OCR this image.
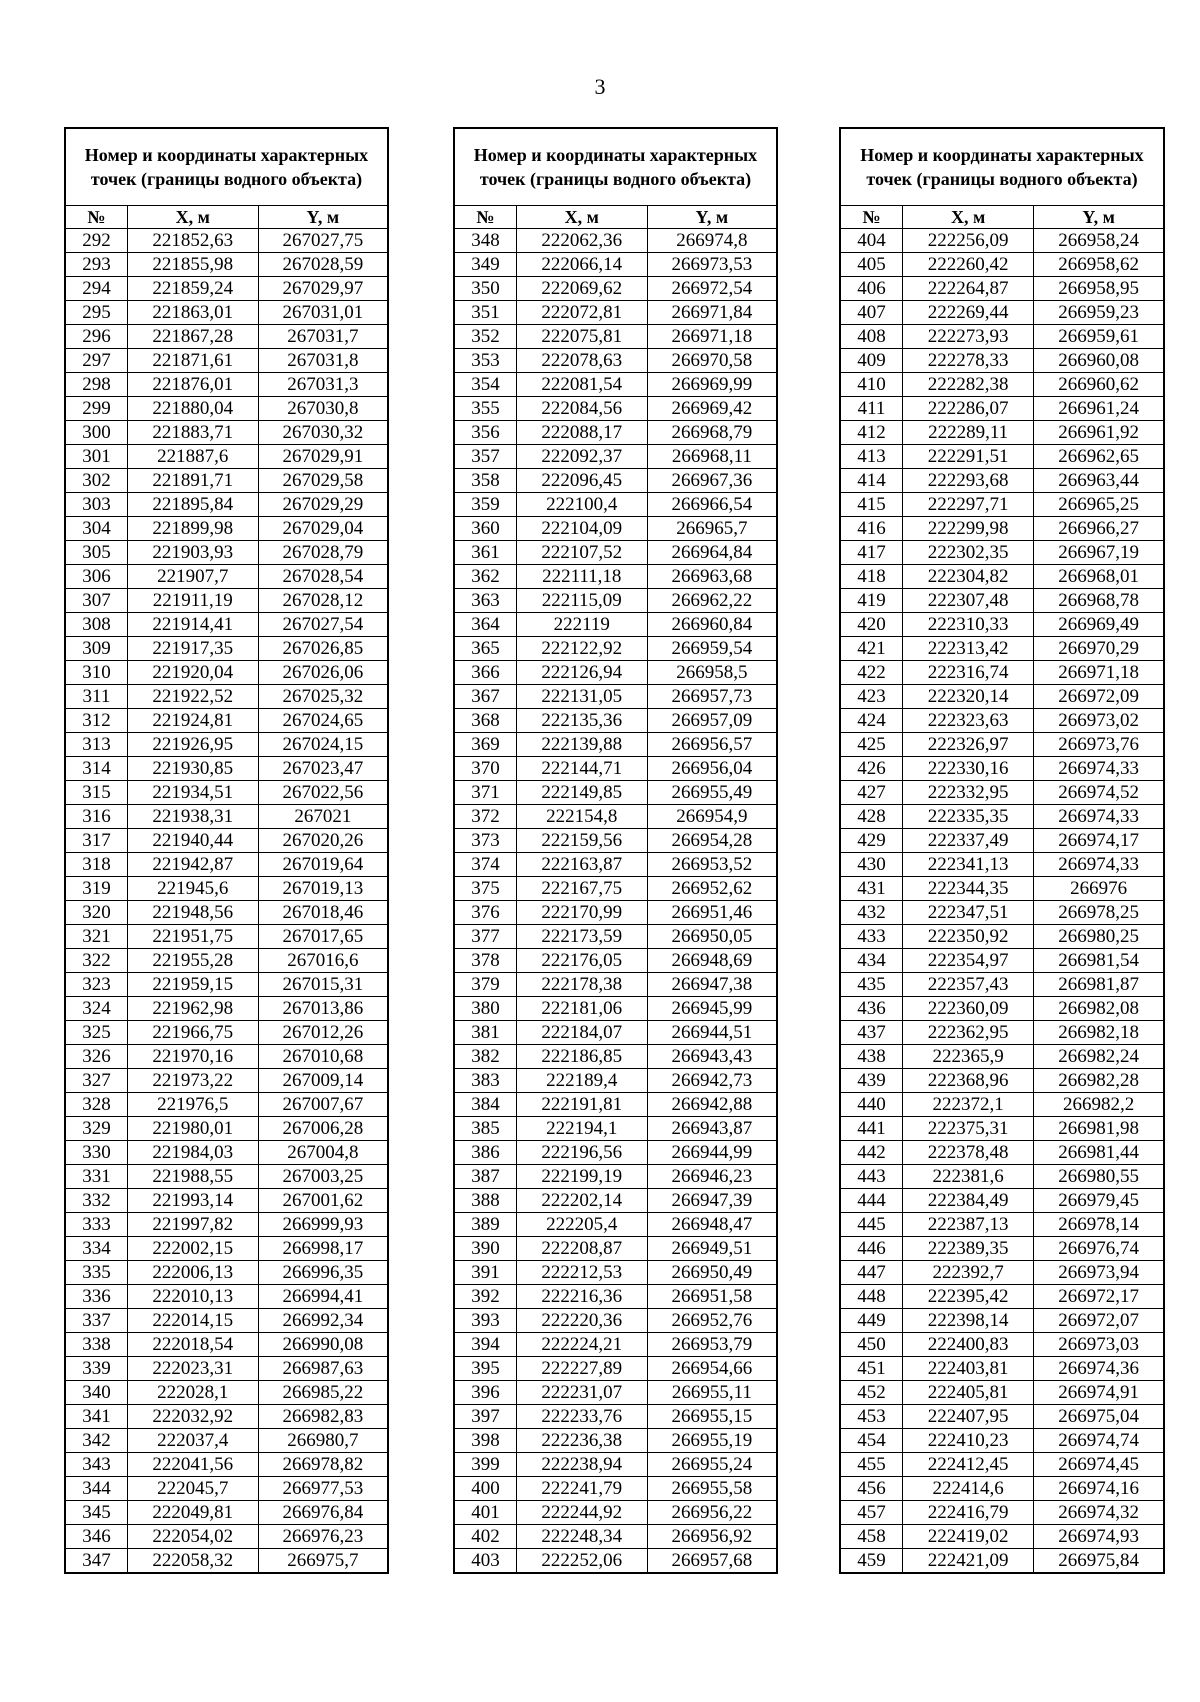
3
Номер и координаты характерных точек (границы водного объекта)		
№	X, м	Y, м
292	221852,63	267027,75
293	221855,98	267028,59
294	221859,24	267029,97
295	221863,01	267031,01
296	221867,28	267031,7
297	221871,61	267031,8
298	221876,01	267031,3
299	221880,04	267030,8
300	221883,71	267030,32
301	221887,6	267029,91
302	221891,71	267029,58
303	221895,84	267029,29
304	221899,98	267029,04
305	221903,93	267028,79
306	221907,7	267028,54
307	221911,19	267028,12
308	221914,41	267027,54
309	221917,35	267026,85
310	221920,04	267026,06
311	221922,52	267025,32
312	221924,81	267024,65
313	221926,95	267024,15
314	221930,85	267023,47
315	221934,51	267022,56
316	221938,31	267021
317	221940,44	267020,26
318	221942,87	267019,64
319	221945,6	267019,13
320	221948,56	267018,46
321	221951,75	267017,65
322	221955,28	267016,6
323	221959,15	267015,31
324	221962,98	267013,86
325	221966,75	267012,26
326	221970,16	267010,68
327	221973,22	267009,14
328	221976,5	267007,67
329	221980,01	267006,28
330	221984,03	267004,8
331	221988,55	267003,25
332	221993,14	267001,62
333	221997,82	266999,93
334	222002,15	266998,17
335	222006,13	266996,35
336	222010,13	266994,41
337	222014,15	266992,34
338	222018,54	266990,08
339	222023,31	266987,63
340	222028,1	266985,22
341	222032,92	266982,83
342	222037,4	266980,7
343	222041,56	266978,82
344	222045,7	266977,53
345	222049,81	266976,84
346	222054,02	266976,23
347	222058,32	266975,7
Номер и координаты характерных точек (границы водного объекта)		
№	X, м	Y, м
348	222062,36	266974,8
349	222066,14	266973,53
350	222069,62	266972,54
351	222072,81	266971,84
352	222075,81	266971,18
353	222078,63	266970,58
354	222081,54	266969,99
355	222084,56	266969,42
356	222088,17	266968,79
357	222092,37	266968,11
358	222096,45	266967,36
359	222100,4	266966,54
360	222104,09	266965,7
361	222107,52	266964,84
362	222111,18	266963,68
363	222115,09	266962,22
364	222119	266960,84
365	222122,92	266959,54
366	222126,94	266958,5
367	222131,05	266957,73
368	222135,36	266957,09
369	222139,88	266956,57
370	222144,71	266956,04
371	222149,85	266955,49
372	222154,8	266954,9
373	222159,56	266954,28
374	222163,87	266953,52
375	222167,75	266952,62
376	222170,99	266951,46
377	222173,59	266950,05
378	222176,05	266948,69
379	222178,38	266947,38
380	222181,06	266945,99
381	222184,07	266944,51
382	222186,85	266943,43
383	222189,4	266942,73
384	222191,81	266942,88
385	222194,1	266943,87
386	222196,56	266944,99
387	222199,19	266946,23
388	222202,14	266947,39
389	222205,4	266948,47
390	222208,87	266949,51
391	222212,53	266950,49
392	222216,36	266951,58
393	222220,36	266952,76
394	222224,21	266953,79
395	222227,89	266954,66
396	222231,07	266955,11
397	222233,76	266955,15
398	222236,38	266955,19
399	222238,94	266955,24
400	222241,79	266955,58
401	222244,92	266956,22
402	222248,34	266956,92
403	222252,06	266957,68
Номер и координаты характерных точек (границы водного объекта)		
№	X, м	Y, м
404	222256,09	266958,24
405	222260,42	266958,62
406	222264,87	266958,95
407	222269,44	266959,23
408	222273,93	266959,61
409	222278,33	266960,08
410	222282,38	266960,62
411	222286,07	266961,24
412	222289,11	266961,92
413	222291,51	266962,65
414	222293,68	266963,44
415	222297,71	266965,25
416	222299,98	266966,27
417	222302,35	266967,19
418	222304,82	266968,01
419	222307,48	266968,78
420	222310,33	266969,49
421	222313,42	266970,29
422	222316,74	266971,18
423	222320,14	266972,09
424	222323,63	266973,02
425	222326,97	266973,76
426	222330,16	266974,33
427	222332,95	266974,52
428	222335,35	266974,33
429	222337,49	266974,17
430	222341,13	266974,33
431	222344,35	266976
432	222347,51	266978,25
433	222350,92	266980,25
434	222354,97	266981,54
435	222357,43	266981,87
436	222360,09	266982,08
437	222362,95	266982,18
438	222365,9	266982,24
439	222368,96	266982,28
440	222372,1	266982,2
441	222375,31	266981,98
442	222378,48	266981,44
443	222381,6	266980,55
444	222384,49	266979,45
445	222387,13	266978,14
446	222389,35	266976,74
447	222392,7	266973,94
448	222395,42	266972,17
449	222398,14	266972,07
450	222400,83	266973,03
451	222403,81	266974,36
452	222405,81	266974,91
453	222407,95	266975,04
454	222410,23	266974,74
455	222412,45	266974,45
456	222414,6	266974,16
457	222416,79	266974,32
458	222419,02	266974,93
459	222421,09	266975,84
